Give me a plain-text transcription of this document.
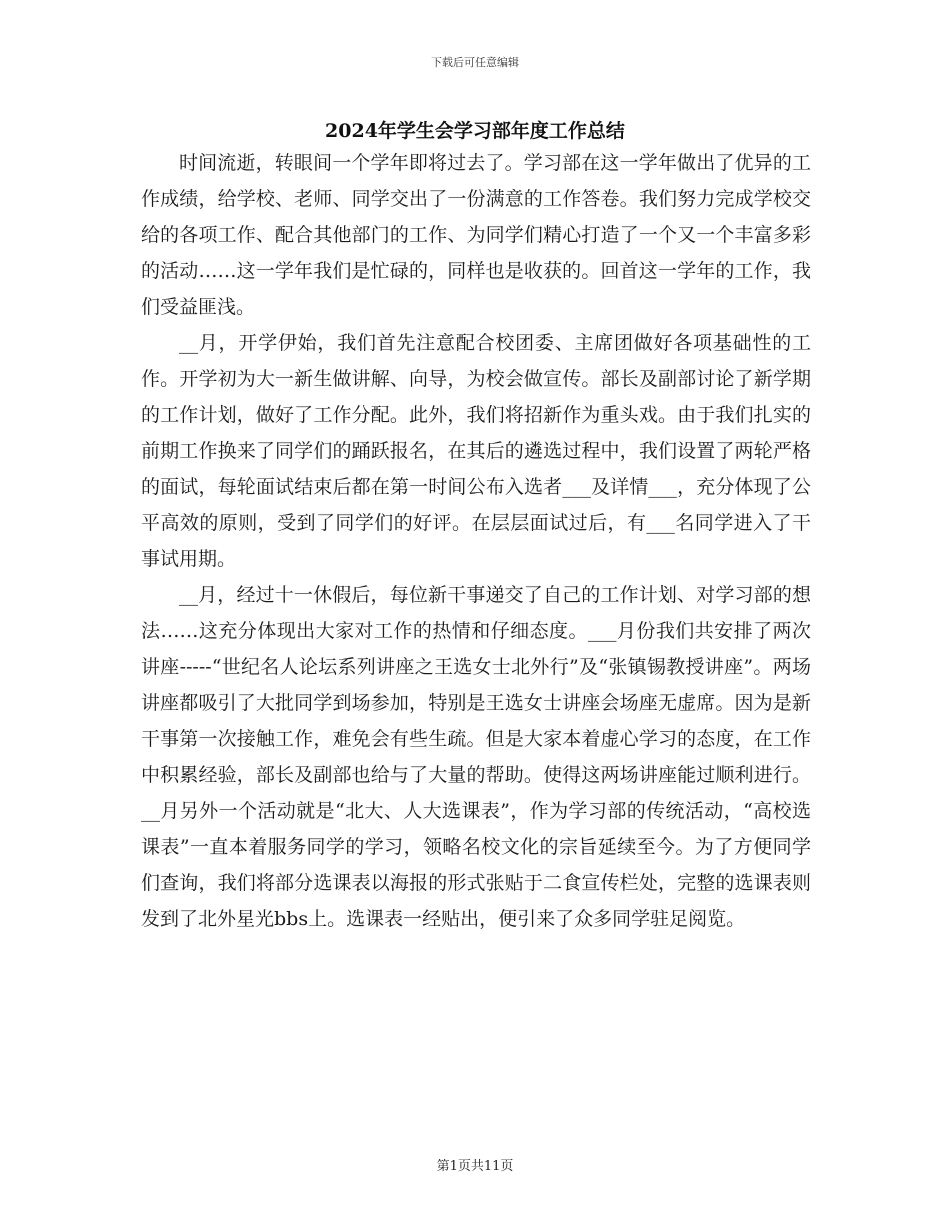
下载后可任意编辑
2024年学生会学习部年度工作总结

时间流逝，转眼间一个学年即将过去了。学习部在这一学年做出了优异的工作成绩，给学校、老师、同学交出了一份满意的工作答卷。我们努力完成学校交给的各项工作、配合其他部门的工作、为同学们精心打造了一个又一个丰富多彩的活动……这一学年我们是忙碌的，同样也是收获的。回首这一学年的工作，我们受益匪浅。

__月，开学伊始，我们首先注意配合校团委、主席团做好各项基础性的工作。开学初为大一新生做讲解、向导，为校会做宣传。部长及副部讨论了新学期的工作计划，做好了工作分配。此外，我们将招新作为重头戏。由于我们扎实的前期工作换来了同学们的踊跃报名，在其后的遴选过程中，我们设置了两轮严格的面试，每轮面试结束后都在第一时间公布入选者___及详情___，充分体现了公平高效的原则，受到了同学们的好评。在层层面试过后，有___名同学进入了干事试用期。

__月，经过十一休假后，每位新干事递交了自己的工作计划、对学习部的想法……这充分体现出大家对工作的热情和仔细态度。___月份我们共安排了两次讲座-----“世纪名人论坛系列讲座之王选女士北外行”及“张镇锡教授讲座”。两场讲座都吸引了大批同学到场参加，特别是王选女士讲座会场座无虚席。因为是新干事第一次接触工作，难免会有些生疏。但是大家本着虚心学习的态度，在工作中积累经验，部长及副部也给与了大量的帮助。使得这两场讲座能过顺利进行。__月另外一个活动就是“北大、人大选课表”，作为学习部的传统活动，“高校选课表”一直本着服务同学的学习，领略名校文化的宗旨延续至今。为了方便同学们查询，我们将部分选课表以海报的形式张贴于二食宣传栏处，完整的选课表则发到了北外星光bbs上。选课表一经贴出，便引来了众多同学驻足阅览。

第1页共11页
